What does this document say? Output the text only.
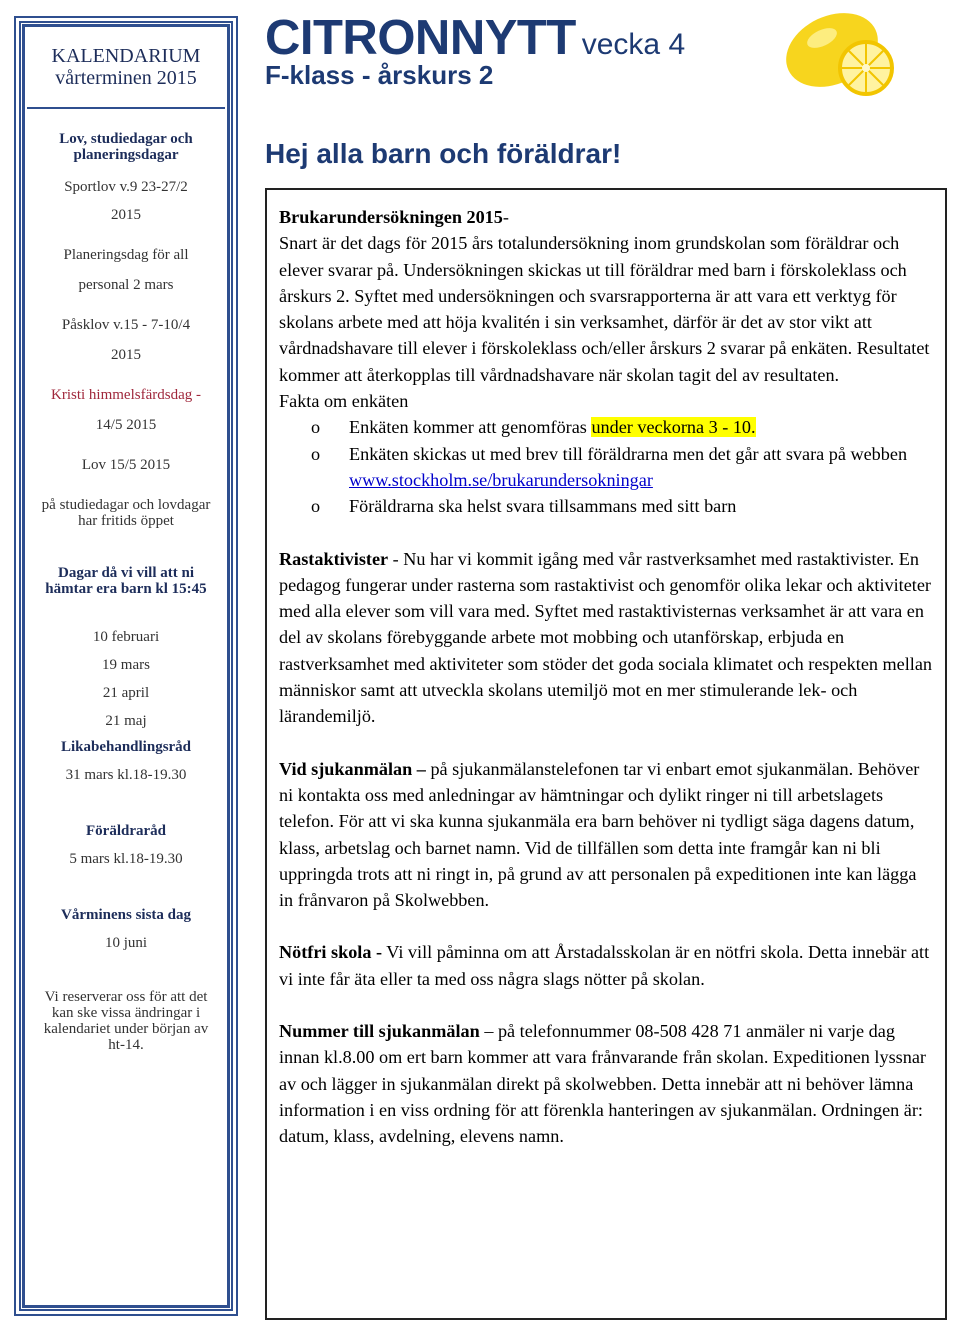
KALENDARIUM
vårterminen 2015
Lov, studiedagar och planeringsdagar
Sportlov v.9 23-27/2
2015
Planeringsdag för all
personal 2 mars
Påsklov v.15 - 7-10/4
2015
Kristi himmelsfärdsdag -
14/5 2015
Lov 15/5 2015
på studiedagar och lovdagar har fritids öppet
Dagar då vi vill att ni hämtar era barn kl 15:45
10 februari
19 mars
21 april
21 maj
Likabehandlingsråd
31 mars kl.18-19.30
Föräldraråd
5 mars kl.18-19.30
Vårminens sista dag
10 juni
Vi reserverar oss för att det kan ske vissa ändringar i kalendariet under början av ht-14.
CITRONNYTT vecka 4
F-klass - årskurs 2
Hej alla barn och föräldrar!

Brukarundersökningen 2015-
Snart är det dags för 2015 års totalundersökning inom grundskolan som föräldrar och elever svarar på. Undersökningen skickas ut till föräldrar med barn i förskoleklass och årskurs 2. Syftet med undersökningen och svarsrapporterna är att vara ett verktyg för skolans arbete med att höja kvalitén i sin verksamhet, därför är det av stor vikt att vårdnadshavare till elever i förskoleklass och/eller årskurs 2 svarar på enkäten. Resultatet kommer att återkopplas till vårdnadshavare när skolan tagit del av resultaten.

Fakta om enkäten

o Enkäten kommer att genomföras under veckorna 3 - 10.
o Enkäten skickas ut med brev till föräldrarna men det går att svara på webben www.stockholm.se/brukarundersokningar
o Föräldrarna ska helst svara tillsammans med sitt barn

Rastaktivister - Nu har vi kommit igång med vår rastverksamhet med rastaktivister. En pedagog fungerar under rasterna som rastaktivist och genomför olika lekar och aktiviteter med alla elever som vill vara med. Syftet med rastaktivisternas verksamhet är att vara en del av skolans förebyggande arbete mot mobbing och utanförskap, erbjuda en rastverksamhet med aktiviteter som stöder det goda sociala klimatet och respekten mellan människor samt att utveckla skolans utemiljö mot en mer stimulerande lek- och lärandemiljö.

Vid sjukanmälan – på sjukanmälanstelefonen tar vi enbart emot sjukanmälan. Behöver ni kontakta oss med anledningar av hämtningar och dylikt ringer ni till arbetslagets telefon. För att vi ska kunna sjukanmäla era barn behöver ni tydligt säga dagens datum, klass, arbetslag och barnet namn. Vid de tillfällen som detta inte framgår kan ni bli uppringda trots att ni ringt in, på grund av att personalen på expeditionen inte kan lägga in frånvaron på Skolwebben.

Nötfri skola - Vi vill påminna om att Årstadalsskolan är en nötfri skola. Detta innebär att vi inte får äta eller ta med oss några slags nötter på skolan.

Nummer till sjukanmälan – på telefonnummer 08-508 428 71 anmäler ni varje dag innan kl.8.00 om ert barn kommer att vara frånvarande från skolan. Expeditionen lyssnar av och lägger in sjukanmälan direkt på skolwebben. Detta innebär att ni behöver lämna information i en viss ordning för att förenkla hanteringen av sjukanmälan. Ordningen är: datum, klass, avdelning, elevens namn.
